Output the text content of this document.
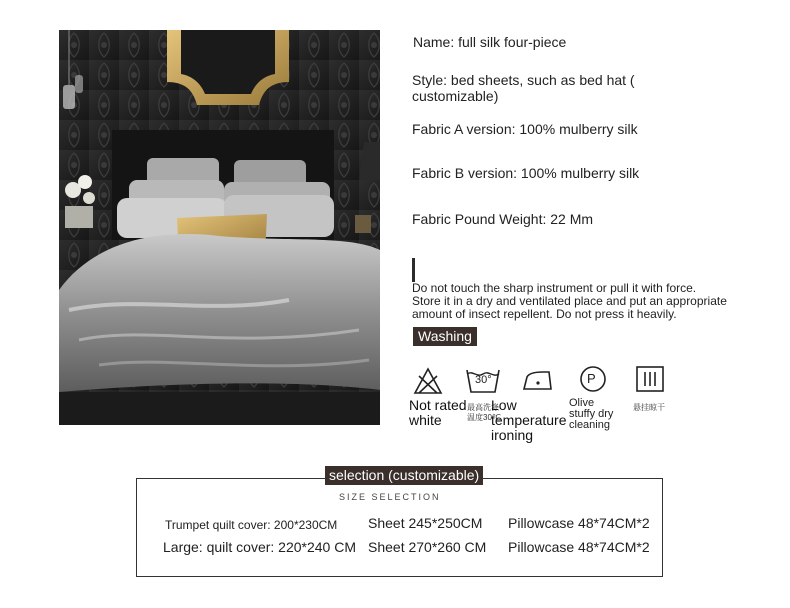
Name: full silk four-piece
Style: bed sheets, such as bed hat ( customizable)
Fabric A version: 100% mulberry silk
Fabric B version: 100% mulberry silk
Fabric Pound Weight: 22 Mm
Do not touch the sharp instrument or pull it with force.
Store it in a dry and ventilated place and put an appropriate
amount of insect repellent. Do not press it heavily.
Washing
Not rated white
30°
最高洗涤
温度30℃
Low temperature ironing
P
Olive stuffy dry cleaning
悬挂晾干
selection (customizable)
SIZE SELECTION
Trumpet quilt cover: 200*230CM	Sheet 245*250CM	Pillowcase 48*74CM*2
Large: quilt cover: 220*240 CM Sheet 270*260 CM Pillowcase 48*74CM*2
